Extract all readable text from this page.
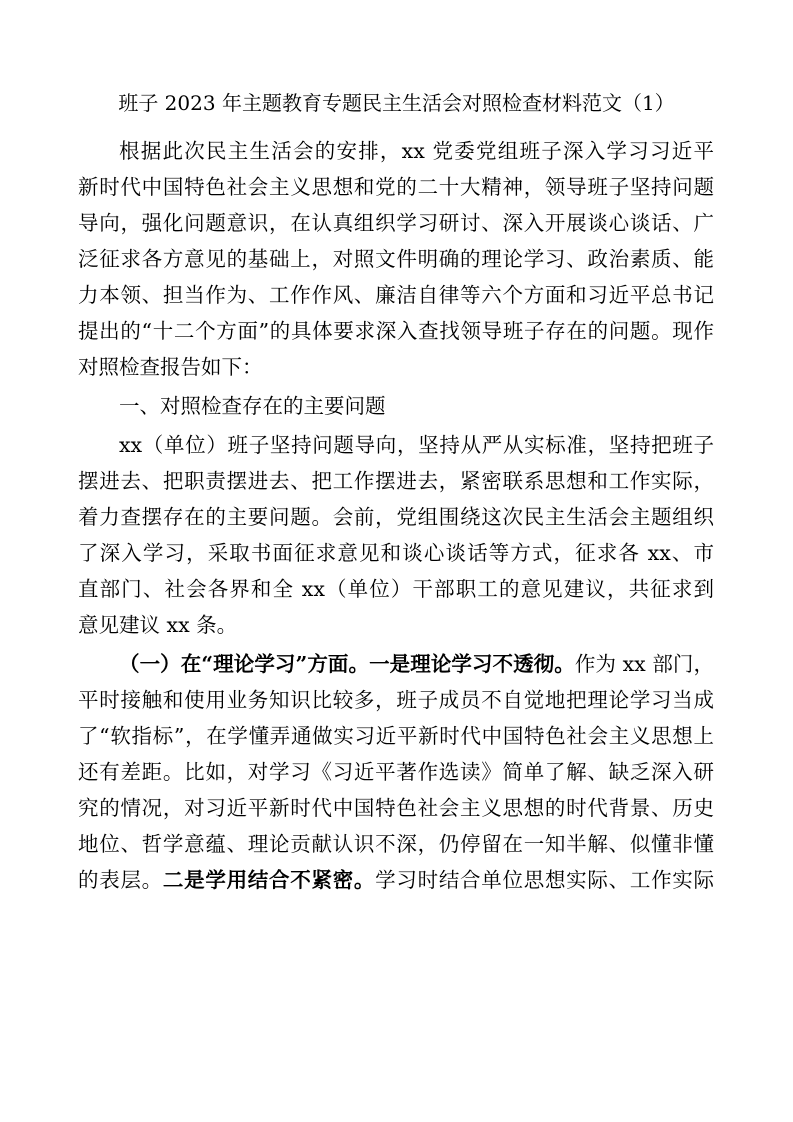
班子 2023 年主题教育专题民主生活会对照检查材料范文（1）
根据此次民主生活会的安排，xx 党委党组班子深入学习习近平
新时代中国特色社会主义思想和党的二十大精神，领导班子坚持问题
导向，强化问题意识，在认真组织学习研讨、深入开展谈心谈话、广
泛征求各方意见的基础上，对照文件明确的理论学习、政治素质、能
力本领、担当作为、工作作风、廉洁自律等六个方面和习近平总书记
提出的“十二个方面”的具体要求深入查找领导班子存在的问题。现作
对照检查报告如下：
一、对照检查存在的主要问题
xx（单位）班子坚持问题导向，坚持从严从实标准，坚持把班子
摆进去、把职责摆进去、把工作摆进去，紧密联系思想和工作实际，
着力查摆存在的主要问题。会前，党组围绕这次民主生活会主题组织
了深入学习，采取书面征求意见和谈心谈话等方式，征求各 xx、市
直部门、社会各界和全 xx（单位）干部职工的意见建议，共征求到
意见建议 xx 条。
（一）在“理论学习”方面。一是理论学习不透彻。作为 xx 部门，
平时接触和使用业务知识比较多，班子成员不自觉地把理论学习当成
了“软指标”，在学懂弄通做实习近平新时代中国特色社会主义思想上
还有差距。比如，对学习《习近平著作选读》简单了解、缺乏深入研
究的情况，对习近平新时代中国特色社会主义思想的时代背景、历史
地位、哲学意蕴、理论贡献认识不深，仍停留在一知半解、似懂非懂
的表层。二是学用结合不紧密。学习时结合单位思想实际、工作实际
